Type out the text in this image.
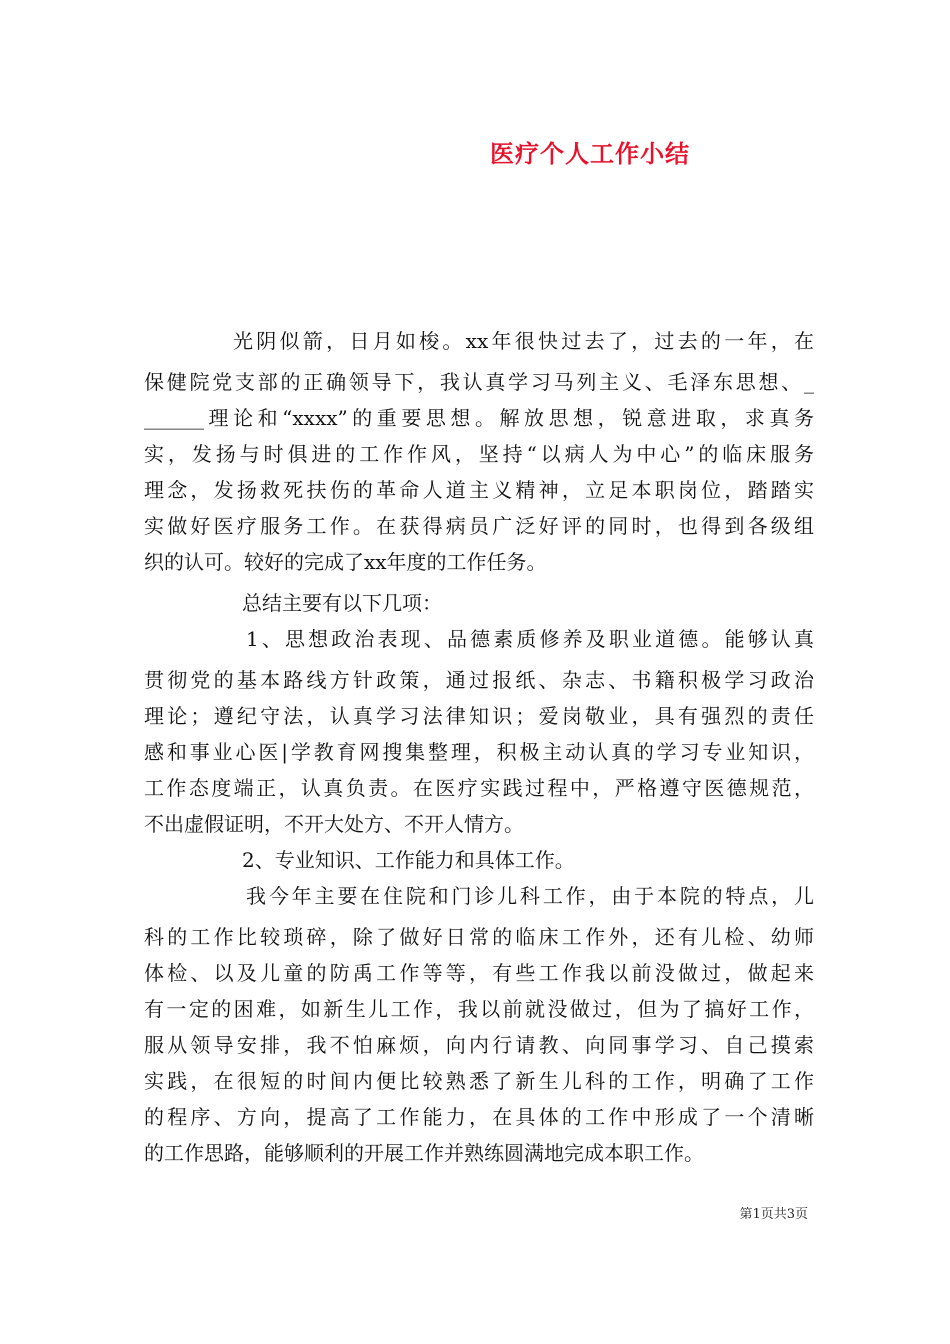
医疗个人工作小结
光阴似箭，日月如梭。xx年很快过去了，过去的一年，在
保健院党支部的正确领导下，我认真学习马列主义、毛泽东思想、_
______理论和“xxxx”的重要思想。解放思想，锐意进取，求真务
实，发扬与时俱进的工作作风，坚持“以病人为中心”的临床服务
理念，发扬救死扶伤的革命人道主义精神，立足本职岗位，踏踏实
实做好医疗服务工作。在获得病员广泛好评的同时，也得到各级组
织的认可。较好的完成了xx年度的工作任务。
总结主要有以下几项：
1、思想政治表现、品德素质修养及职业道德。能够认真
贯彻党的基本路线方针政策，通过报纸、杂志、书籍积极学习政治
理论；遵纪守法，认真学习法律知识；爱岗敬业，具有强烈的责任
感和事业心医|学教育网搜集整理，积极主动认真的学习专业知识，
工作态度端正，认真负责。在医疗实践过程中，严格遵守医德规范，
不出虚假证明，不开大处方、不开人情方。
2、专业知识、工作能力和具体工作。
我今年主要在住院和门诊儿科工作，由于本院的特点，儿
科的工作比较琐碎，除了做好日常的临床工作外，还有儿检、幼师
体检、以及儿童的防禹工作等等，有些工作我以前没做过，做起来
有一定的困难，如新生儿工作，我以前就没做过，但为了搞好工作，
服从领导安排，我不怕麻烦，向内行请教、向同事学习、自己摸索
实践，在很短的时间内便比较熟悉了新生儿科的工作，明确了工作
的程序、方向，提高了工作能力，在具体的工作中形成了一个清晰
的工作思路，能够顺利的开展工作并熟练圆满地完成本职工作。
第1页共3页
